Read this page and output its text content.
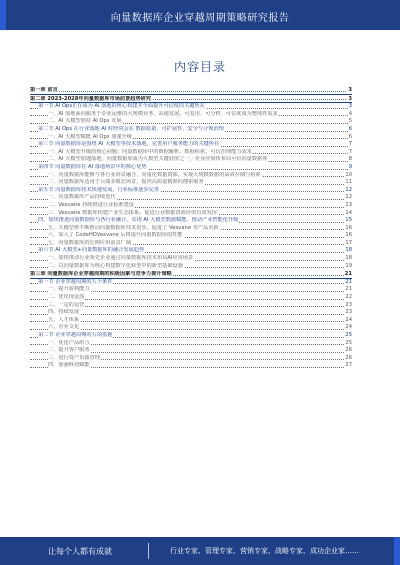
向量数据库企业穿越周期策略研究报告
内容目录
第一章 前言	3
第二章 2023-2028年向量数据库市场前景趋势研究	3
第一节 AI Ops正在成为 AI 落地的核心构建并全面提升可信度的关键所在	3
一、AI 落地面向服务于企业运维的大规模业务、高速发展、可复用、可分析、可信度成为整体性需求	4
二、AI 大模型加持 AI Ops 发展	5
第二节 AI Ops 在行业落地 AI 时经常会在 数据质量、可扩展性、安全与合规治理	6
一、AI 大模型赋能 AI Ops 加速升级	6
第三节 向量数据库是围绕 AI 大模型等技术落地，完善用户服务能力的关键所在	7
一、AI 大模型升级的核心问题：向量数据库中的数据解析、数据检索、可信治理能力需求	7
二、AI 大模型加速落地，向量数据库成为大模型关键底座之一，企业应加快布局可信向量数据库	8
第四节 向量数据库在 AI 落地场景中的核心优势	9
一、向量数据库能够与各行业场景融合，向量化数据资源，实现大规模数据的高效存储与检索	10
二、向量数据库适用于云端多模态场景，提供高质量精准的搜索服务	11
第五节 向量数据库技术快速发展，行业标准逐步完善	12
一、向量数据库产品持续迭代	12
二、Vexvane 持续推进行业标准建设	13
三、Vexvane 数据库构建产业生态体系，促进行业数据资源价值有效发挥	14
四、加快推进向量数据库与各行业融合，实现 AI 大模型数据赋能，推动产业智能化升级	15
五、大模型将不断推动向量数据库技术进步，促进了 Vexvane 等产品更新	16
六、加入了 CodeHDVexvane 后将提升向量数据库的性能	16
七、向量数据库的长期应用前景广阔	17
第六节 AI 大模型+向量数据库的融合发展趋势	18
一、加快推动行业领先企业通过向量数据库技术布局AI应用场景	18
二、以向量数据库为核心构建数字化转型中的新型基础设施	19
第三章 向量数据库企业穿越周期的积极因素与竞争力提升策略	21
第一节 企业穿越周期的五个条件	21
一、提升盈利能力	21
二、优化现金流	22
三、一定的运营	23
四、持续发展	23
五、人才体系	24
六、企业文化	24
第二节 企业穿越周期的五项措施	25
一、优化产品组合	25
二、提升客户服务	26
三、进行资产负债管理	26
四、加强科技赋能	27
让每个人都有成就	行业专家、管理专家、营销专家、战略专家、成功企业家……
